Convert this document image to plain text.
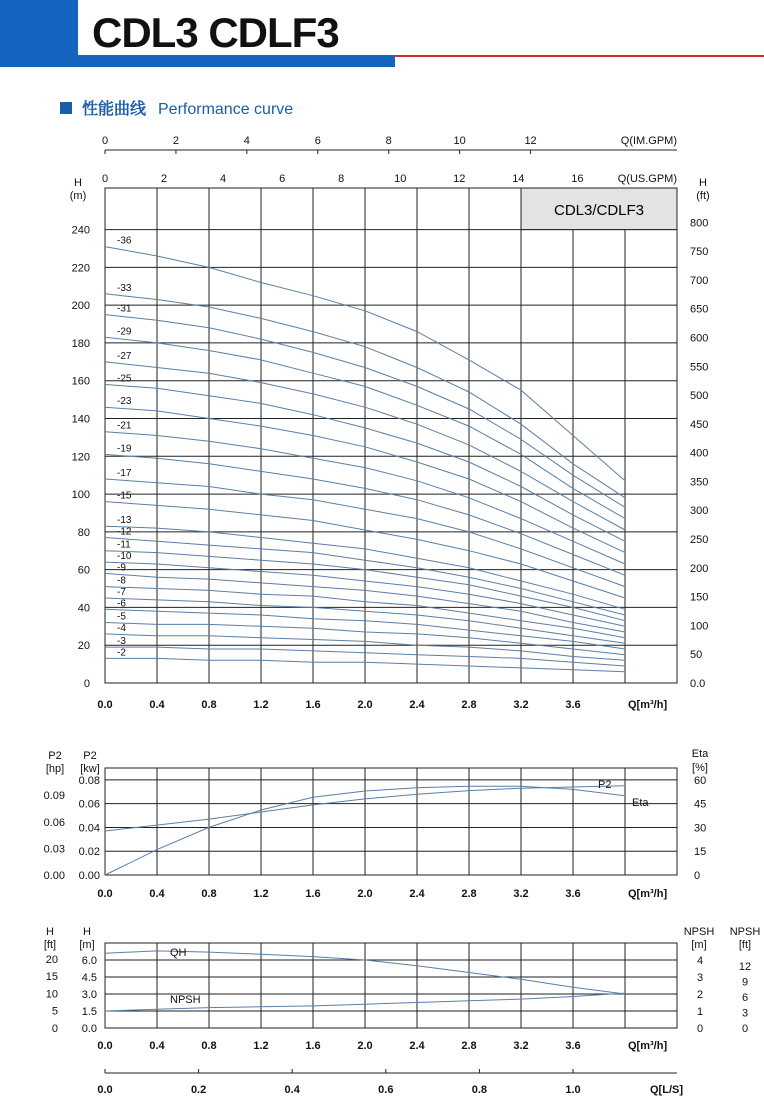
CDL3 CDLF3
性能曲线 Performance curve
CDL3/CDLF3
0	2	4	6	8	10	12	Q(IM.GPM)
0	2	4	6	8	10	12	14	16	Q(US.GPM)
H
(m)
240
220
200
180
160
140
120
100
80
60
40
20
0
H
(ft)
800
750
700
650
600
550
500
450
400
350
300
250
200
150
100
50
0.0
0.0	0.4	0.8	1.2	1.6	2.0	2.4	2.8	3.2	3.6	Q[m³/h]
-36
-33
-31
-29
-27
-25
-23
-21
-19
-17
-15
-13
-12
-11
-10
-9
-8
-7
-6
-5
-4
-3
-2
P2
[hp]
P2
[kw]
0.08
0.06
0.04
0.02
0.00
0.09
0.06
0.03
0.00
Eta
[%]
60
45
30
15
0
0.0	0.4	0.8	1.2	1.6	2.0	2.4	2.8	3.2	3.6	Q[m³/h]
P2
Eta
H
[ft]
H
[m]
6.0
4.5
3.0
1.5
0.0
20
15
10
5
0
NPSH
[m]
NPSH
[ft]
4
3
2
1
0
12
9
6
3
0
0.0	0.4	0.8	1.2	1.6	2.0	2.4	2.8	3.2	3.6	Q[m³/h]
QH
NPSH
0.0	0.2	0.4	0.6	0.8	1.0	Q[L/S]
